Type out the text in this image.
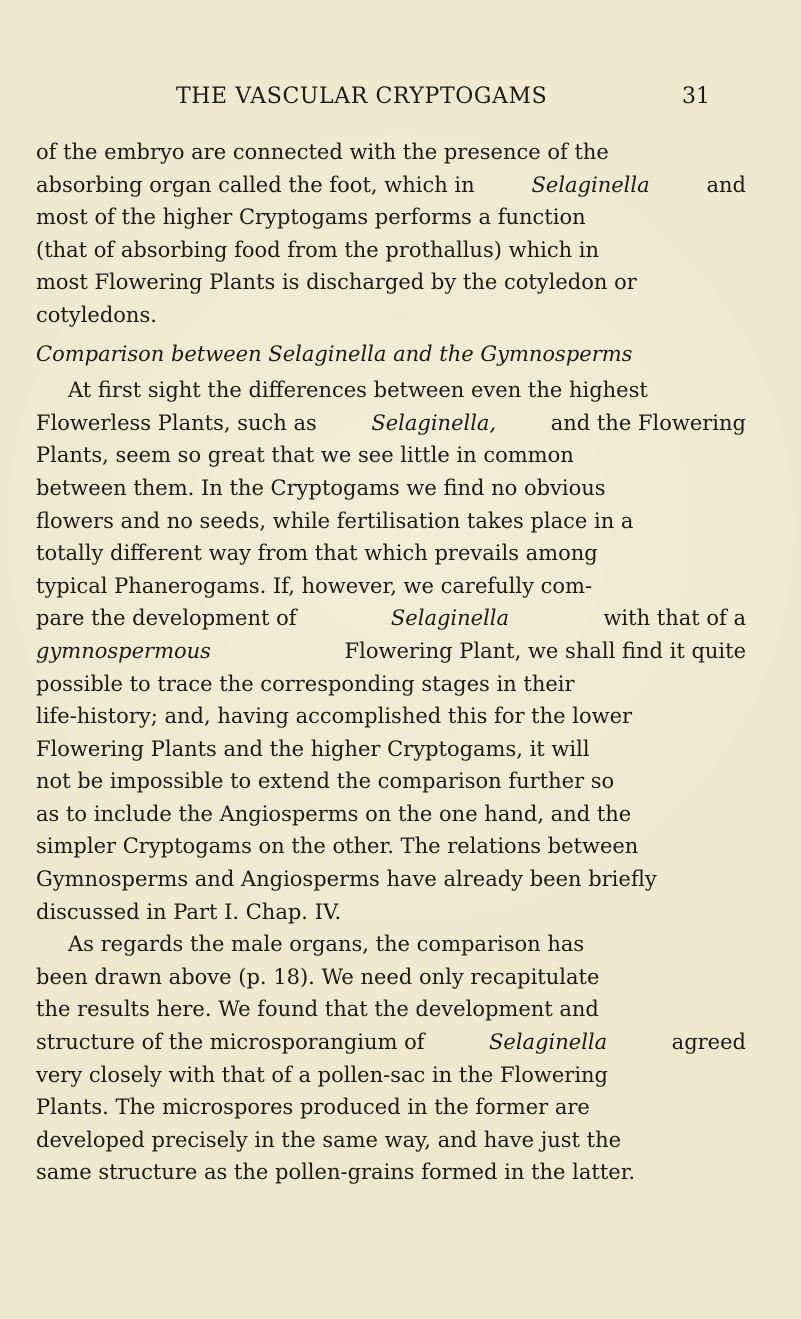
THE VASCULAR CRYPTOGAMS	31
of the embryo are connected with the presence of the
absorbing organ called the foot, which in	Selaginella	and
most of the higher Cryptogams performs a function
(that of absorbing food from the prothallus) which in
most Flowering Plants is discharged by the cotyledon or
cotyledons.
Comparison between Selaginella and the Gymnosperms
At first sight the differences between even the highest
Flowerless Plants, such as	Selaginella,	and the Flowering
Plants, seem so great that we see little in common
between them. In the Cryptogams we find no obvious
flowers and no seeds, while fertilisation takes place in a
totally different way from that which prevails among
typical Phanerogams. If, however, we carefully com-
pare the development of	Selaginella	with that of a
gymnospermous	Flowering Plant, we shall find it quite
possible to trace the corresponding stages in their
life-history; and, having accomplished this for the lower
Flowering Plants and the higher Cryptogams, it will
not be impossible to extend the comparison further so
as to include the Angiosperms on the one hand, and the
simpler Cryptogams on the other. The relations between
Gymnosperms and Angiosperms have already been briefly
discussed in Part I. Chap. IV.
As regards the male organs, the comparison has
been drawn above (p. 18). We need only recapitulate
the results here. We found that the development and
structure of the microsporangium of	Selaginella	agreed
very closely with that of a pollen-sac in the Flowering
Plants. The microspores produced in the former are
developed precisely in the same way, and have just the
same structure as the pollen-grains formed in the latter.
